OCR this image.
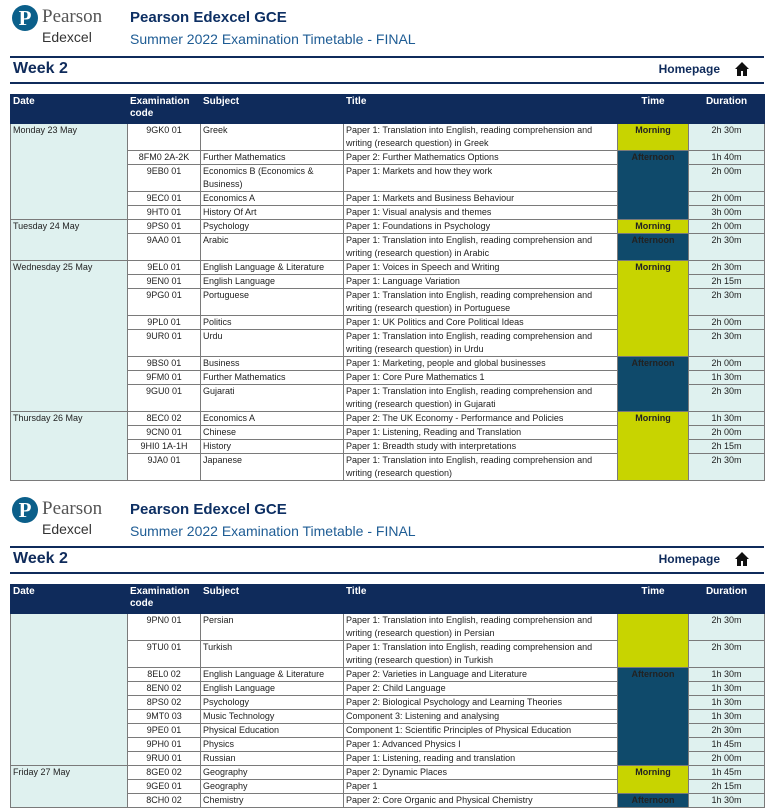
P Pearson
Edexcel
Pearson Edexcel GCE
Summer 2022 Examination Timetable - FINAL
Week 2	Homepage
Date	Examination code	Subject	Title	Time	Duration
Monday 23 May	9GK0 01	Greek	Paper 1: Translation into English, reading comprehension and writing (research question) in Greek	Morning	2h 30m
	8FM0 2A-2K	Further Mathematics	Paper 2: Further Mathematics Options	Afternoon	1h 40m
	9EB0 01	Economics B (Economics & Business)	Paper 1: Markets and how they work		2h 00m
	9EC0 01	Economics A	Paper 1: Markets and Business Behaviour		2h 00m
	9HT0 01	History Of Art	Paper 1: Visual analysis and themes		3h 00m
Tuesday 24 May	9PS0 01	Psychology	Paper 1: Foundations in Psychology	Morning	2h 00m
	9AA0 01	Arabic	Paper 1: Translation into English, reading comprehension and writing (research question) in Arabic	Afternoon	2h 30m
Wednesday 25 May	9EL0 01	English Language & Literature	Paper 1: Voices in Speech and Writing	Morning	2h 30m
	9EN0 01	English Language	Paper 1: Language Variation		2h 15m
	9PG0 01	Portuguese	Paper 1: Translation into English, reading comprehension and writing (research question) in Portuguese		2h 30m
	9PL0 01	Politics	Paper 1: UK Politics and Core Political Ideas		2h 00m
	9UR0 01	Urdu	Paper 1: Translation into English, reading comprehension and writing (research question) in Urdu		2h 30m
	9BS0 01	Business	Paper 1: Marketing, people and global businesses	Afternoon	2h 00m
	9FM0 01	Further Mathematics	Paper 1: Core Pure Mathematics 1		1h 30m
	9GU0 01	Gujarati	Paper 1: Translation into English, reading comprehension and writing (research question) in Gujarati		2h 30m
Thursday 26 May	8EC0 02	Economics A	Paper 2: The UK Economy - Performance and Policies	Morning	1h 30m
	9CN0 01	Chinese	Paper 1: Listening, Reading and Translation		2h 00m
	9HI0 1A-1H	History	Paper 1: Breadth study with interpretations		2h 15m
	9JA0 01	Japanese	Paper 1: Translation into English, reading comprehension and writing (research question)		2h 30m
P Pearson
Edexcel
Pearson Edexcel GCE
Summer 2022 Examination Timetable - FINAL
Week 2	Homepage
Date	Examination code	Subject	Title	Time	Duration
	9PN0 01	Persian	Paper 1: Translation into English, reading comprehension and writing (research question) in Persian		2h 30m
	9TU0 01	Turkish	Paper 1: Translation into English, reading comprehension and writing (research question) in Turkish		2h 30m
	8EL0 02	English Language & Literature	Paper 2: Varieties in Language and Literature	Afternoon	1h 30m
	8EN0 02	English Language	Paper 2: Child Language		1h 30m
	8PS0 02	Psychology	Paper 2: Biological Psychology and Learning Theories		1h 30m
	9MT0 03	Music Technology	Component 3: Listening and analysing		1h 30m
	9PE0 01	Physical Education	Component 1: Scientific Principles of Physical Education		2h 30m
	9PH0 01	Physics	Paper 1: Advanced Physics I		1h 45m
	9RU0 01	Russian	Paper 1: Listening, reading and translation		2h 00m
Friday 27 May	8GE0 02	Geography	Paper 2: Dynamic Places	Morning	1h 45m
	9GE0 01	Geography	Paper 1		2h 15m
	8CH0 02	Chemistry	Paper 2: Core Organic and Physical Chemistry	Afternoon	1h 30m
